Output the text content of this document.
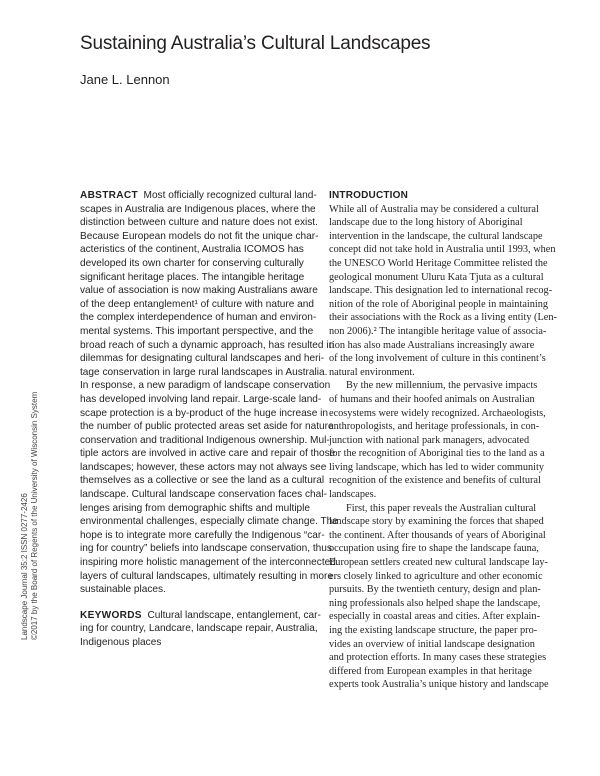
Sustaining Australia’s Cultural Landscapes
Jane L. Lennon
Landscape Journal 35:2 ISSN 0277-2426 ©2017 by the Board of Regents of the University of Wisconsin System
ABSTRACT Most officially recognized cultural land-
scapes in Australia are Indigenous places, where the
distinction between culture and nature does not exist.
Because European models do not fit the unique char-
acteristics of the continent, Australia ICOMOS has
developed its own charter for conserving culturally
significant heritage places. The intangible heritage
value of association is now making Australians aware
of the deep entanglement¹ of culture with nature and
the complex interdependence of human and environ-
mental systems. This important perspective, and the
broad reach of such a dynamic approach, has resulted in
dilemmas for designating cultural landscapes and heri-
tage conservation in large rural landscapes in Australia.
In response, a new paradigm of landscape conservation
has developed involving land repair. Large-scale land-
scape protection is a by-product of the huge increase in
the number of public protected areas set aside for nature
conservation and traditional Indigenous ownership. Mul-
tiple actors are involved in active care and repair of those
landscapes; however, these actors may not always see
themselves as a collective or see the land as a cultural
landscape. Cultural landscape conservation faces chal-
lenges arising from demographic shifts and multiple
environmental challenges, especially climate change. The
hope is to integrate more carefully the Indigenous “car-
ing for country” beliefs into landscape conservation, thus
inspiring more holistic management of the interconnected
layers of cultural landscapes, ultimately resulting in more
sustainable places.
KEYWORDS Cultural landscape, entanglement, car-
ing for country, Landcare, landscape repair, Australia,
Indigenous places
INTRODUCTION
While all of Australia may be considered a cultural
landscape due to the long history of Aboriginal
intervention in the landscape, the cultural landscape
concept did not take hold in Australia until 1993, when
the UNESCO World Heritage Committee relisted the
geological monument Uluru Kata Tjuta as a cultural
landscape. This designation led to international recog-
nition of the role of Aboriginal people in maintaining
their associations with the Rock as a living entity (Len-
non 2006).² The intangible heritage value of associa-
tion has also made Australians increasingly aware
of the long involvement of culture in this continent’s
natural environment.
By the new millennium, the pervasive impacts
of humans and their hoofed animals on Australian
ecosystems were widely recognized. Archaeologists,
anthropologists, and heritage professionals, in con-
junction with national park managers, advocated
for the recognition of Aboriginal ties to the land as a
living landscape, which has led to wider community
recognition of the existence and benefits of cultural
landscapes.
First, this paper reveals the Australian cultural
landscape story by examining the forces that shaped
the continent. After thousands of years of Aboriginal
occupation using fire to shape the landscape fauna,
European settlers created new cultural landscape lay-
ers closely linked to agriculture and other economic
pursuits. By the twentieth century, design and plan-
ning professionals also helped shape the landscape,
especially in coastal areas and cities. After explain-
ing the existing landscape structure, the paper pro-
vides an overview of initial landscape designation
and protection efforts. In many cases these strategies
differed from European examples in that heritage
experts took Australia’s unique history and landscape
